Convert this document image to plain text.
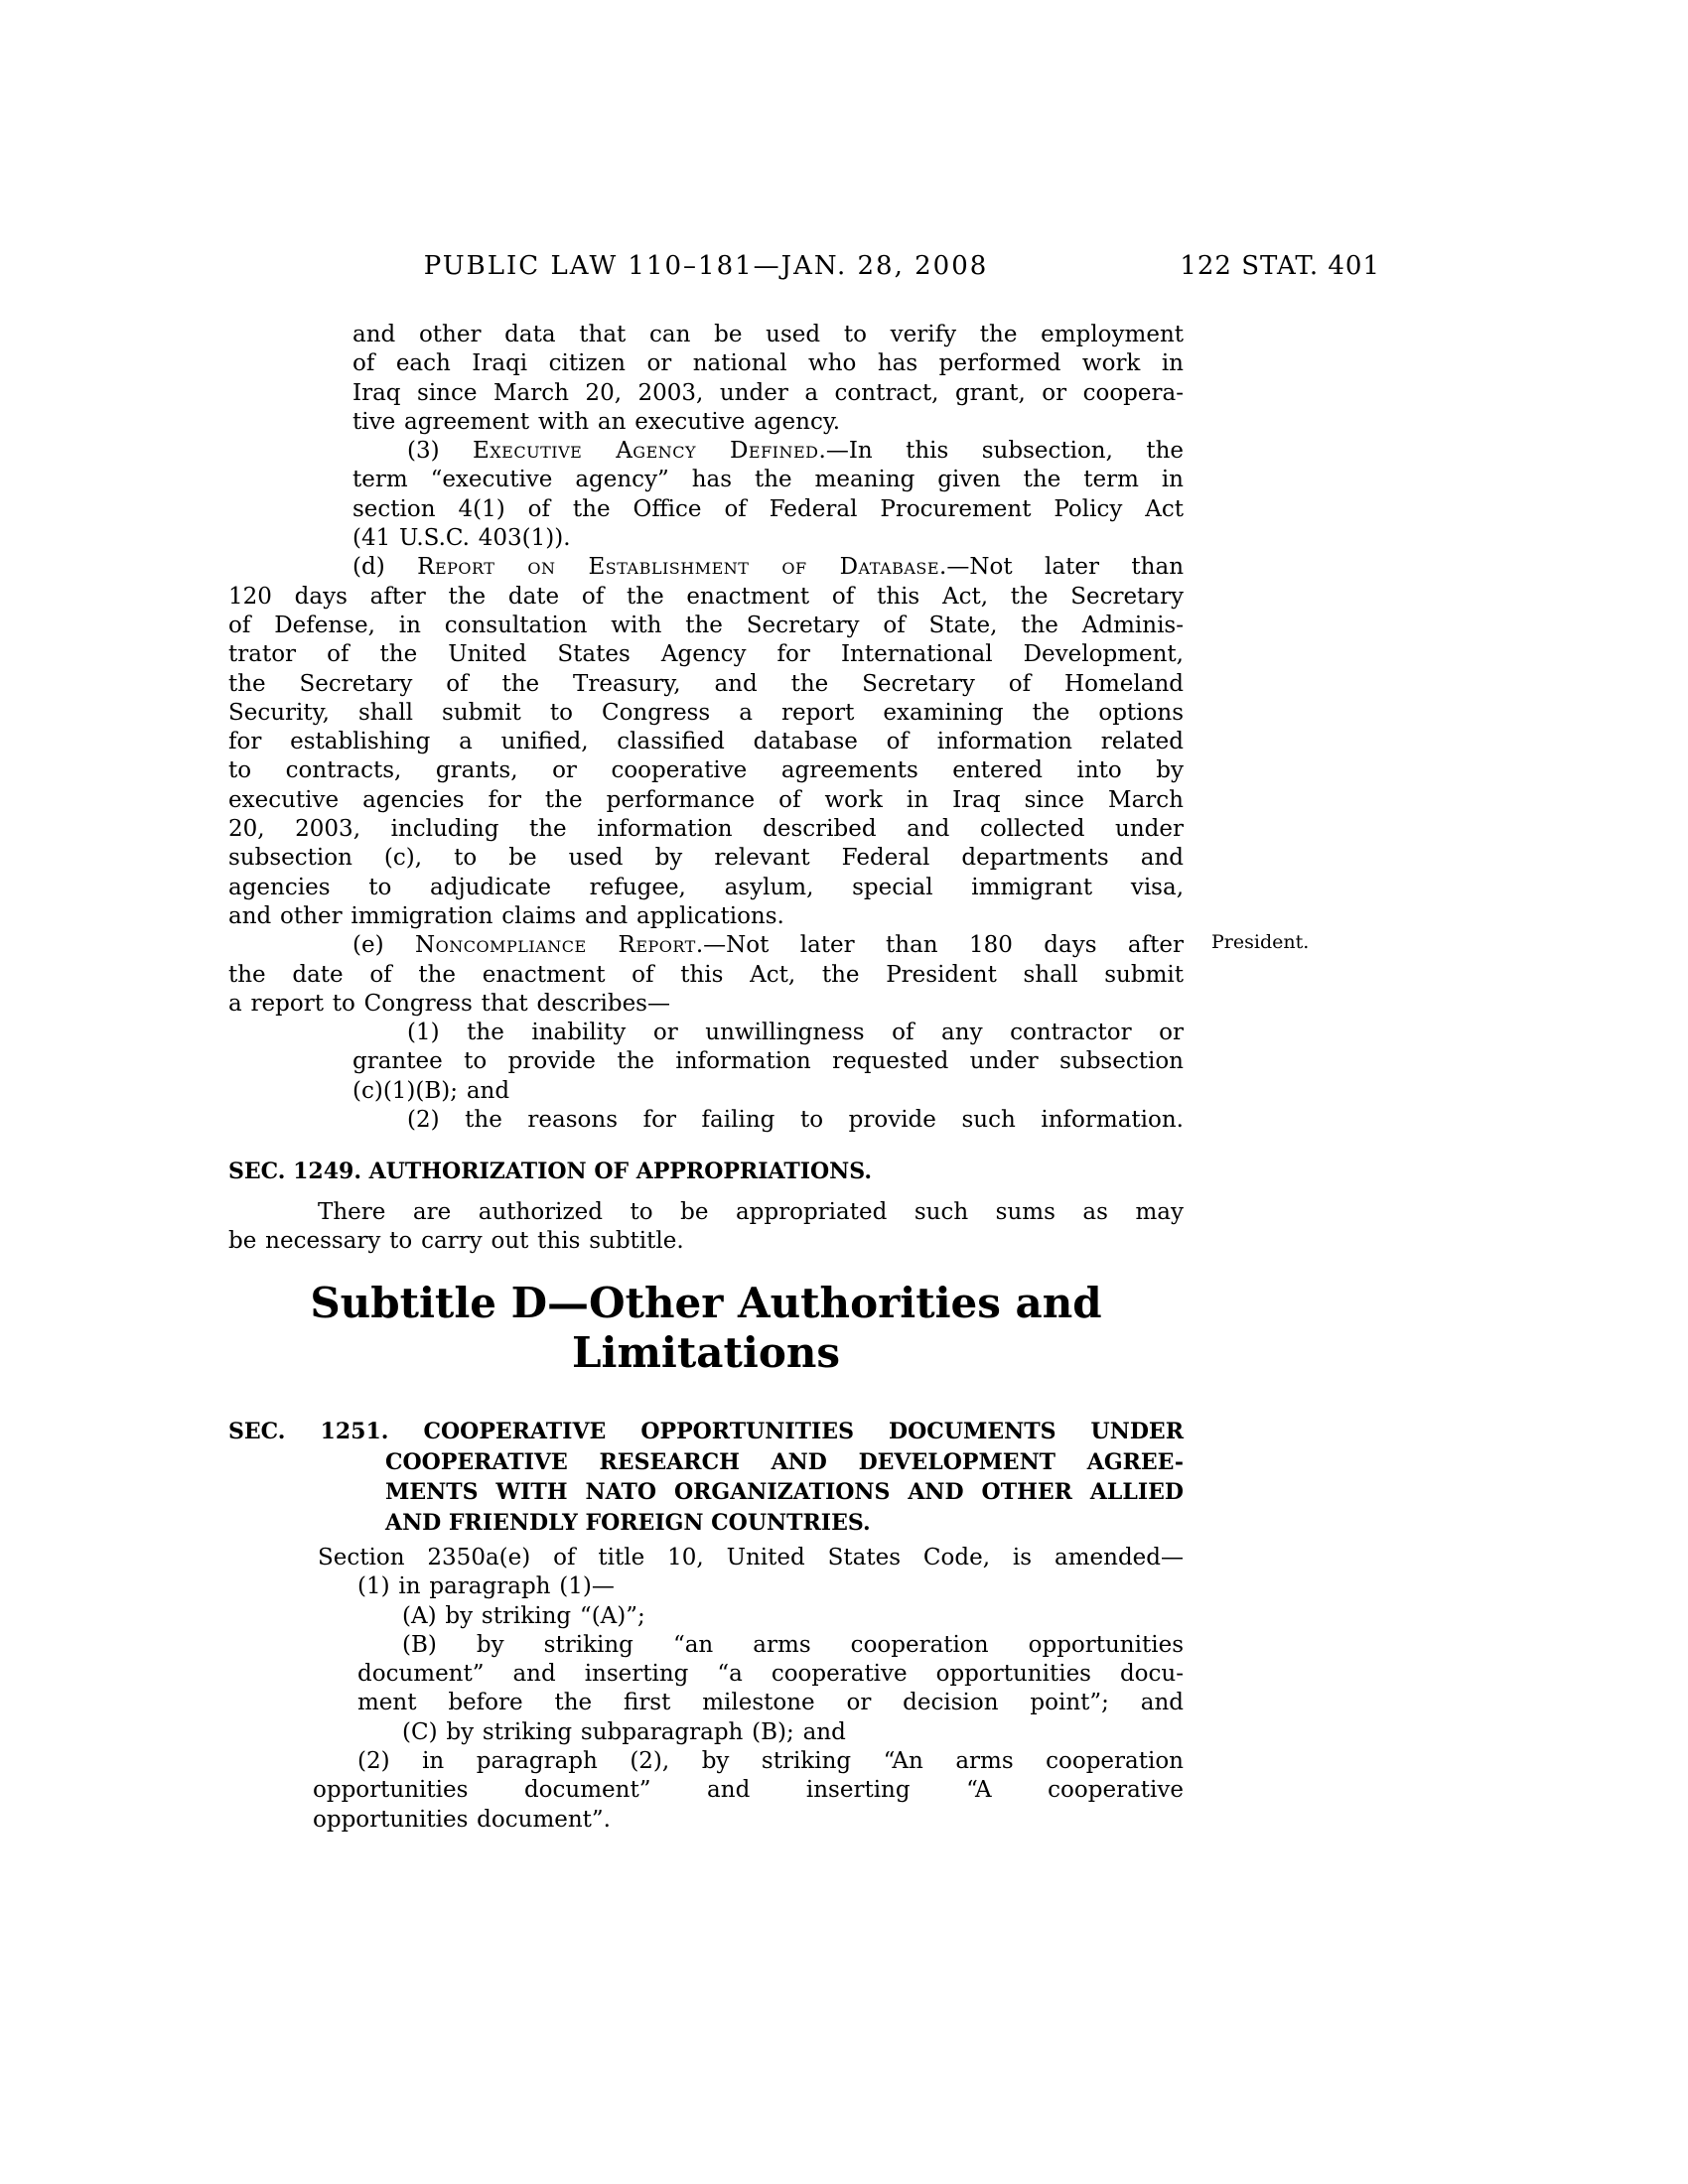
PUBLIC LAW 110–181—JAN. 28, 2008	122 STAT. 401
President.
and other data that can be used to verify the employment
of each Iraqi citizen or national who has performed work in
Iraq since March 20, 2003, under a contract, grant, or coopera-
tive agreement with an executive agency.
(3) Executive Agency Defined.—In this subsection, the
term “executive agency” has the meaning given the term in
section 4(1) of the Office of Federal Procurement Policy Act
(41 U.S.C. 403(1)).
(d) Report on Establishment of Database.—Not later than
120 days after the date of the enactment of this Act, the Secretary
of Defense, in consultation with the Secretary of State, the Adminis-
trator of the United States Agency for International Development,
the Secretary of the Treasury, and the Secretary of Homeland
Security, shall submit to Congress a report examining the options
for establishing a unified, classified database of information related
to contracts, grants, or cooperative agreements entered into by
executive agencies for the performance of work in Iraq since March
20, 2003, including the information described and collected under
subsection (c), to be used by relevant Federal departments and
agencies to adjudicate refugee, asylum, special immigrant visa,
and other immigration claims and applications.
(e) Noncompliance Report.—Not later than 180 days after
the date of the enactment of this Act, the President shall submit
a report to Congress that describes—
(1) the inability or unwillingness of any contractor or
grantee to provide the information requested under subsection
(c)(1)(B); and
(2) the reasons for failing to provide such information.
SEC. 1249. AUTHORIZATION OF APPROPRIATIONS.
There are authorized to be appropriated such sums as may
be necessary to carry out this subtitle.
Subtitle D—Other Authorities and
Limitations
SEC. 1251. COOPERATIVE OPPORTUNITIES DOCUMENTS UNDER
COOPERATIVE RESEARCH AND DEVELOPMENT AGREE-
MENTS WITH NATO ORGANIZATIONS AND OTHER ALLIED
AND FRIENDLY FOREIGN COUNTRIES.
Section 2350a(e) of title 10, United States Code, is amended—
(1) in paragraph (1)—
(A) by striking “(A)”;
(B) by striking “an arms cooperation opportunities
document” and inserting “a cooperative opportunities docu-
ment before the first milestone or decision point”; and
(C) by striking subparagraph (B); and
(2) in paragraph (2), by striking “An arms cooperation
opportunities document” and inserting “A cooperative
opportunities document”.
